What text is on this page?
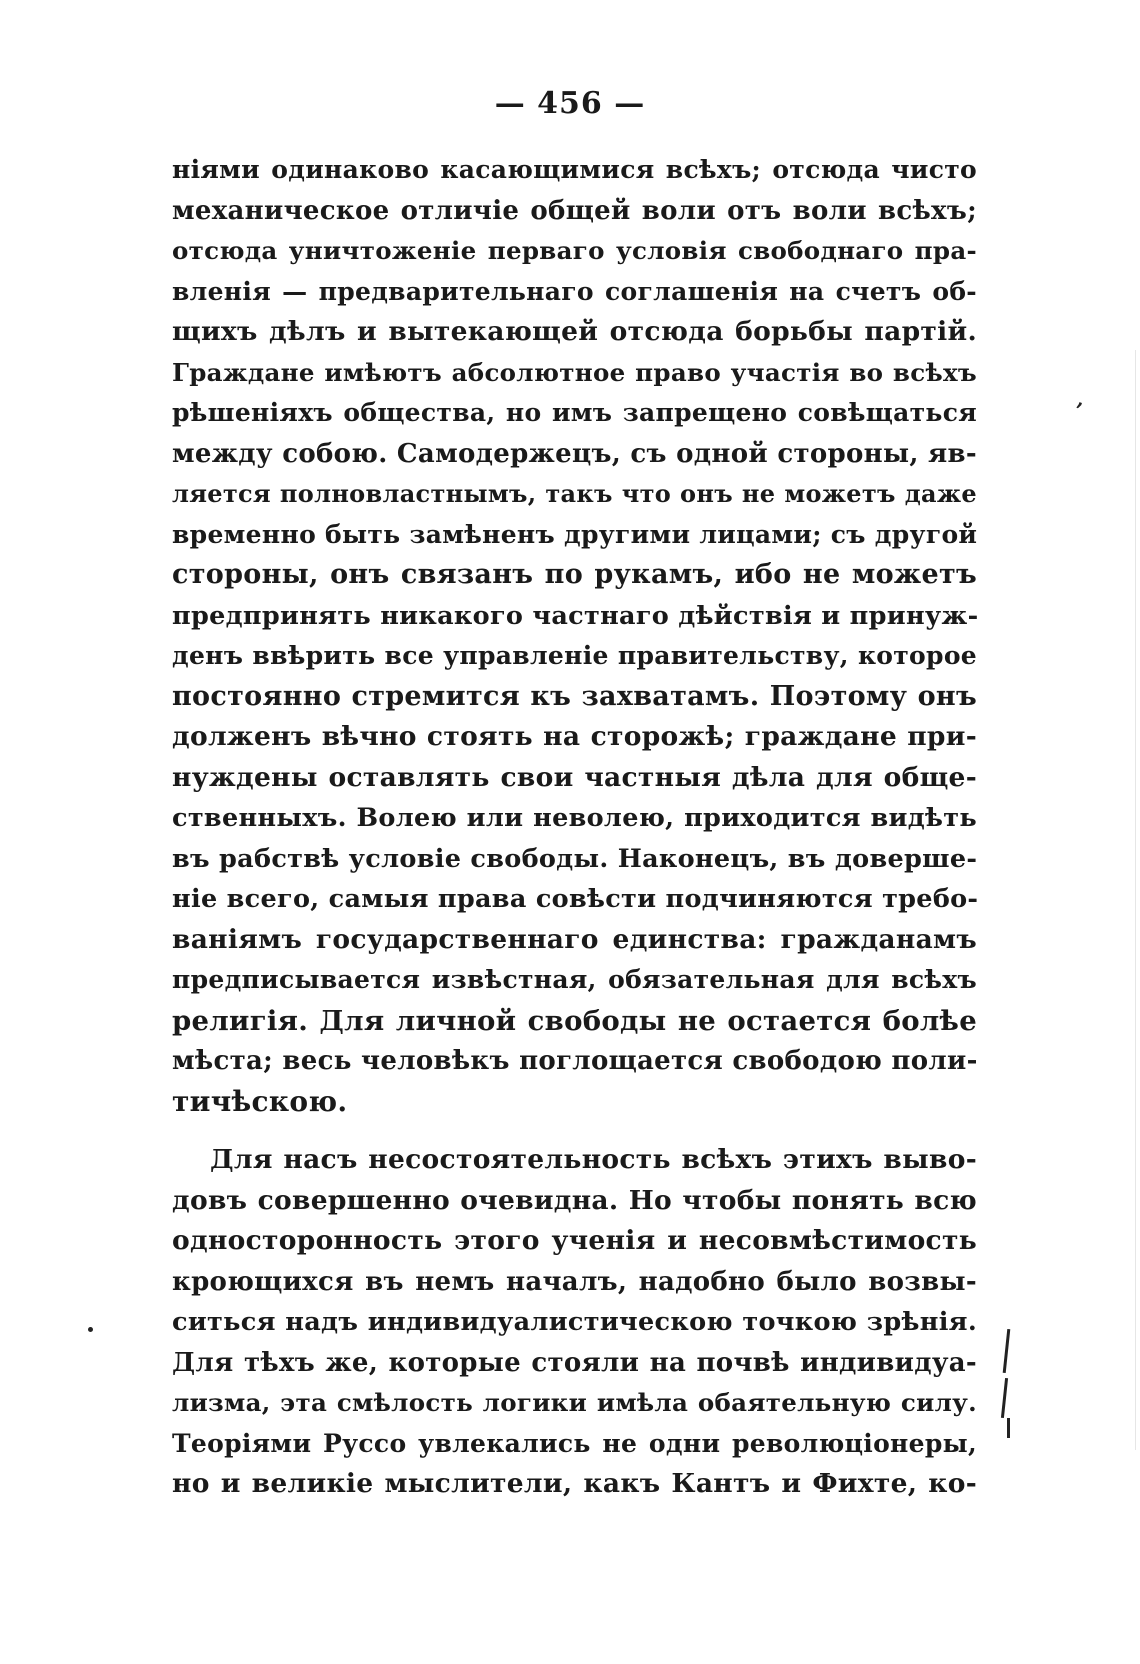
— 456 —
ніями одинаково касающимися всѣхъ; отсюда чисто
механическое отличіе общей воли отъ воли всѣхъ;
отсюда уничтоженіе перваго условія свободнаго пра-
вленія — предварительнаго соглашенія на счетъ об-
щихъ дѣлъ и вытекающей отсюда борьбы партій.
Граждане имѣютъ абсолютное право участія во всѣхъ
рѣшеніяхъ общества, но имъ запрещено совѣщаться
между собою. Самодержецъ, съ одной стороны, яв-
ляется полновластнымъ, такъ что онъ не можетъ даже
временно быть замѣненъ другими лицами; съ другой
стороны, онъ связанъ по рукамъ, ибо не можетъ
предпринять никакого частнаго дѣйствія и принуж-
денъ ввѣрить все управленіе правительству, которое
постоянно стремится къ захватамъ. Поэтому онъ
долженъ вѣчно стоять на сторожѣ; граждане при-
нуждены оставлять свои частныя дѣла для обще-
ственныхъ. Волею или неволею, приходится видѣть
въ рабствѣ условіе свободы. Наконецъ, въ доверше-
ніе всего, самыя права совѣсти подчиняются требо-
ваніямъ государственнаго единства: гражданамъ
предписывается извѣстная, обязательная для всѣхъ
религія. Для личной свободы не остается болѣе
мѣста; весь человѣкъ поглощается свободою поли-
тичѣскою.
Для насъ несостоятельность всѣхъ этихъ выво-
довъ совершенно очевидна. Но чтобы понять всю
односторонность этого ученія и несовмѣстимость
кроющихся въ немъ началъ, надобно было возвы-
ситься надъ индивидуалистическою точкою зрѣнія.
Для тѣхъ же, которые стояли на почвѣ индивидуа-
лизма, эта смѣлость логики имѣла обаятельную силу.
Теоріями Руссо увлекались не одни революціонеры,
но и великіе мыслители, какъ Кантъ и Фихте, ко-
,
